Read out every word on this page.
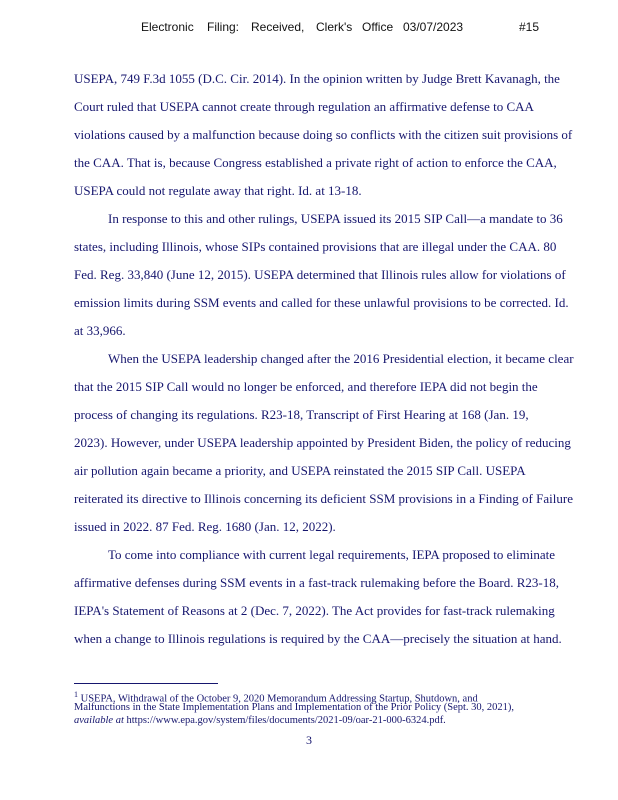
Electronic Filing: Received, Clerk's Office 03/07/2023	#15
USEPA, 749 F.3d 1055 (D.C. Cir. 2014). In the opinion written by Judge Brett Kavanagh, the
Court ruled that USEPA cannot create through regulation an affirmative defense to CAA
violations caused by a malfunction because doing so conflicts with the citizen suit provisions of
the CAA. That is, because Congress established a private right of action to enforce the CAA,
USEPA could not regulate away that right. Id. at 13-18.
In response to this and other rulings, USEPA issued its 2015 SIP Call—a mandate to 36
states, including Illinois, whose SIPs contained provisions that are illegal under the CAA. 80
Fed. Reg. 33,840 (June 12, 2015). USEPA determined that Illinois rules allow for violations of
emission limits during SSM events and called for these unlawful provisions to be corrected. Id.
at 33,966.
When the USEPA leadership changed after the 2016 Presidential election, it became clear
that the 2015 SIP Call would no longer be enforced, and therefore IEPA did not begin the
process of changing its regulations. R23-18, Transcript of First Hearing at 168 (Jan. 19,
2023). However, under USEPA leadership appointed by President Biden, the policy of reducing
air pollution again became a priority, and USEPA reinstated the 2015 SIP Call. USEPA
reiterated its directive to Illinois concerning its deficient SSM provisions in a Finding of Failure
issued in 2022. 87 Fed. Reg. 1680 (Jan. 12, 2022).
To come into compliance with current legal requirements, IEPA proposed to eliminate
affirmative defenses during SSM events in a fast-track rulemaking before the Board. R23-18,
IEPA's Statement of Reasons at 2 (Dec. 7, 2022). The Act provides for fast-track rulemaking
when a change to Illinois regulations is required by the CAA—precisely the situation at hand.
$^1$ USEPA, Withdrawal of the October 9, 2020 Memorandum Addressing Startup, Shutdown, and
Malfunctions in the State Implementation Plans and Implementation of the Prior Policy (Sept. 30, 2021),
available at https://www.epa.gov/system/files/documents/2021-09/oar-21-000-6324.pdf.
3
